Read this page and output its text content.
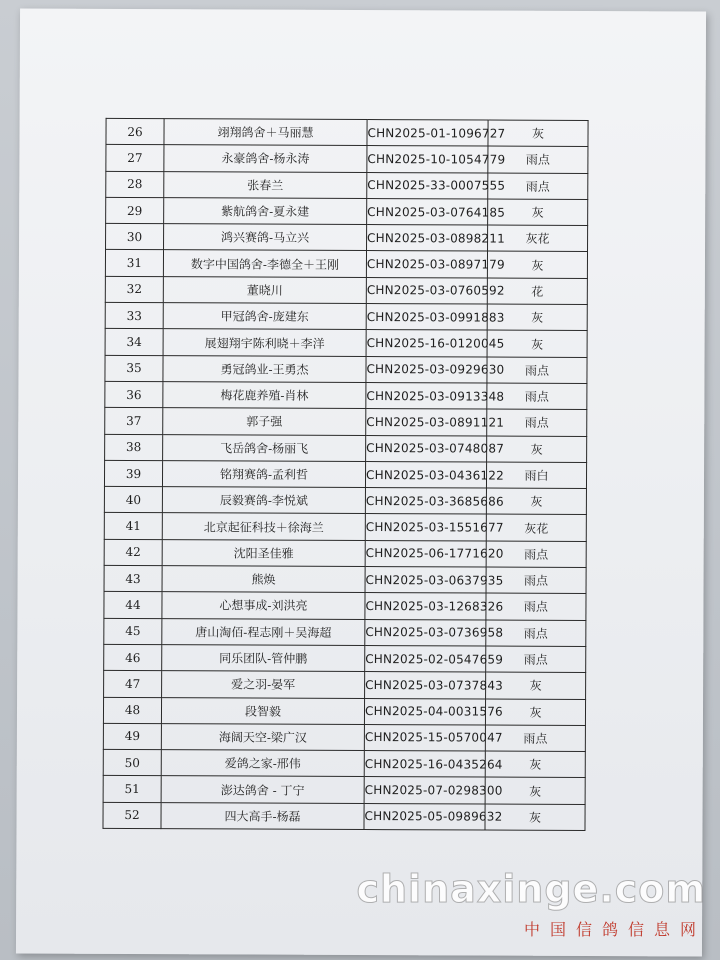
26	翊翔鸽舍＋马丽慧	CHN2025-01-1096727	灰
27	永豪鸽舍-杨永涛	CHN2025-10-1054779	雨点
28	张春兰	CHN2025-33-0007555	雨点
29	紫航鸽舍-夏永建	CHN2025-03-0764185	灰
30	鸿兴赛鸽-马立兴	CHN2025-03-0898211	灰花
31	数字中国鸽舍-李德全＋王刚	CHN2025-03-0897179	灰
32	董晓川	CHN2025-03-0760592	花
33	甲冠鸽舍-庞建东	CHN2025-03-0991883	灰
34	展翅翔宇陈利晓＋李洋	CHN2025-16-0120045	灰
35	勇冠鸽业-王勇杰	CHN2025-03-0929630	雨点
36	梅花鹿养殖-肖林	CHN2025-03-0913348	雨点
37	郭子强	CHN2025-03-0891121	雨点
38	飞岳鸽舍-杨丽飞	CHN2025-03-0748087	灰
39	铭翔赛鸽-孟利哲	CHN2025-03-0436122	雨白
40	辰毅赛鸽-李悦斌	CHN2025-03-3685686	灰
41	北京起征科技＋徐海兰	CHN2025-03-1551677	灰花
42	沈阳圣佳雅	CHN2025-06-1771620	雨点
43	熊焕	CHN2025-03-0637935	雨点
44	心想事成-刘洪亮	CHN2025-03-1268326	雨点
45	唐山淘佰-程志刚＋吴海超	CHN2025-03-0736958	雨点
46	同乐团队-管仲鹏	CHN2025-02-0547659	雨点
47	爱之羽-晏军	CHN2025-03-0737843	灰
48	段智毅	CHN2025-04-0031576	灰
49	海阔天空-梁广汉	CHN2025-15-0570047	雨点
50	爱鸽之家-邢伟	CHN2025-16-0435264	灰
51	澎达鸽舍 - 丁宁	CHN2025-07-0298300	灰
52	四大高手-杨磊	CHN2025-05-0989632	灰
chinaxinge.com
中国信鸽信息网
